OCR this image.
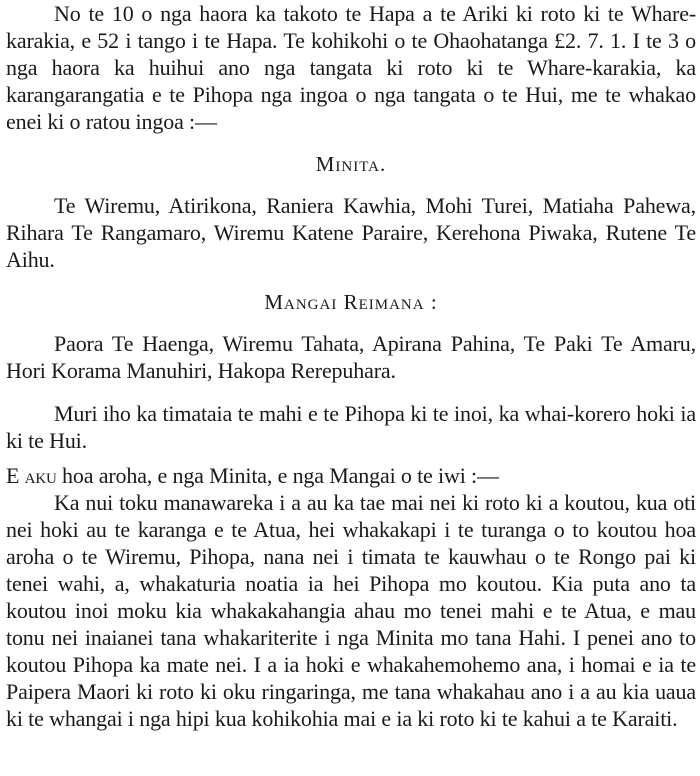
No te 10 o nga haora ka takoto te Hapa a te Ariki ki roto ki te Whare-karakia, e 52 i tango i te Hapa. Te kohikohi o te Ohaohatanga £2. 7. 1. I te 3 o nga haora ka huihui ano nga tangata ki roto ki te Whare-karakia, ka karangarangatia e te Pihopa nga ingoa o nga tangata o te Hui, me te whakao enei ki o ratou ingoa :—

Minita.

Te Wiremu, Atirikona, Raniera Kawhia, Mohi Turei, Matiaha Pahewa, Rihara Te Rangamaro, Wiremu Katene Paraire, Kerehona Piwaka, Rutene Te Aihu.

Mangai Reimana :

Paora Te Haenga, Wiremu Tahata, Apirana Pahina, Te Paki Te Amaru, Hori Korama Manuhiri, Hakopa Rerepuhara.

Muri iho ka timataia te mahi e te Pihopa ki te inoi, ka whai-korero hoki ia ki te Hui.

E aku hoa aroha, e nga Minita, e nga Mangai o te iwi :—

Ka nui toku manawareka i a au ka tae mai nei ki roto ki a koutou, kua oti nei hoki au te karanga e te Atua, hei whakakapi i te turanga o to koutou hoa aroha o te Wiremu, Pihopa, nana nei i timata te kauwhau o te Rongo pai ki tenei wahi, a, whakaturia noatia ia hei Pihopa mo koutou. Kia puta ano ta koutou inoi moku kia whakakahangia ahau mo tenei mahi e te Atua, e mau tonu nei inaianei tana whakariterite i nga Minita mo tana Hahi. I penei ano to koutou Pihopa ka mate nei. I a ia hoki e whakahemohemo ana, i homai e ia te Paipera Maori ki roto ki oku ringaringa, me tana whakahau ano i a au kia uaua ki te whangai i nga hipi kua kohikohia mai e ia ki roto ki te kahui a te Karaiti.
